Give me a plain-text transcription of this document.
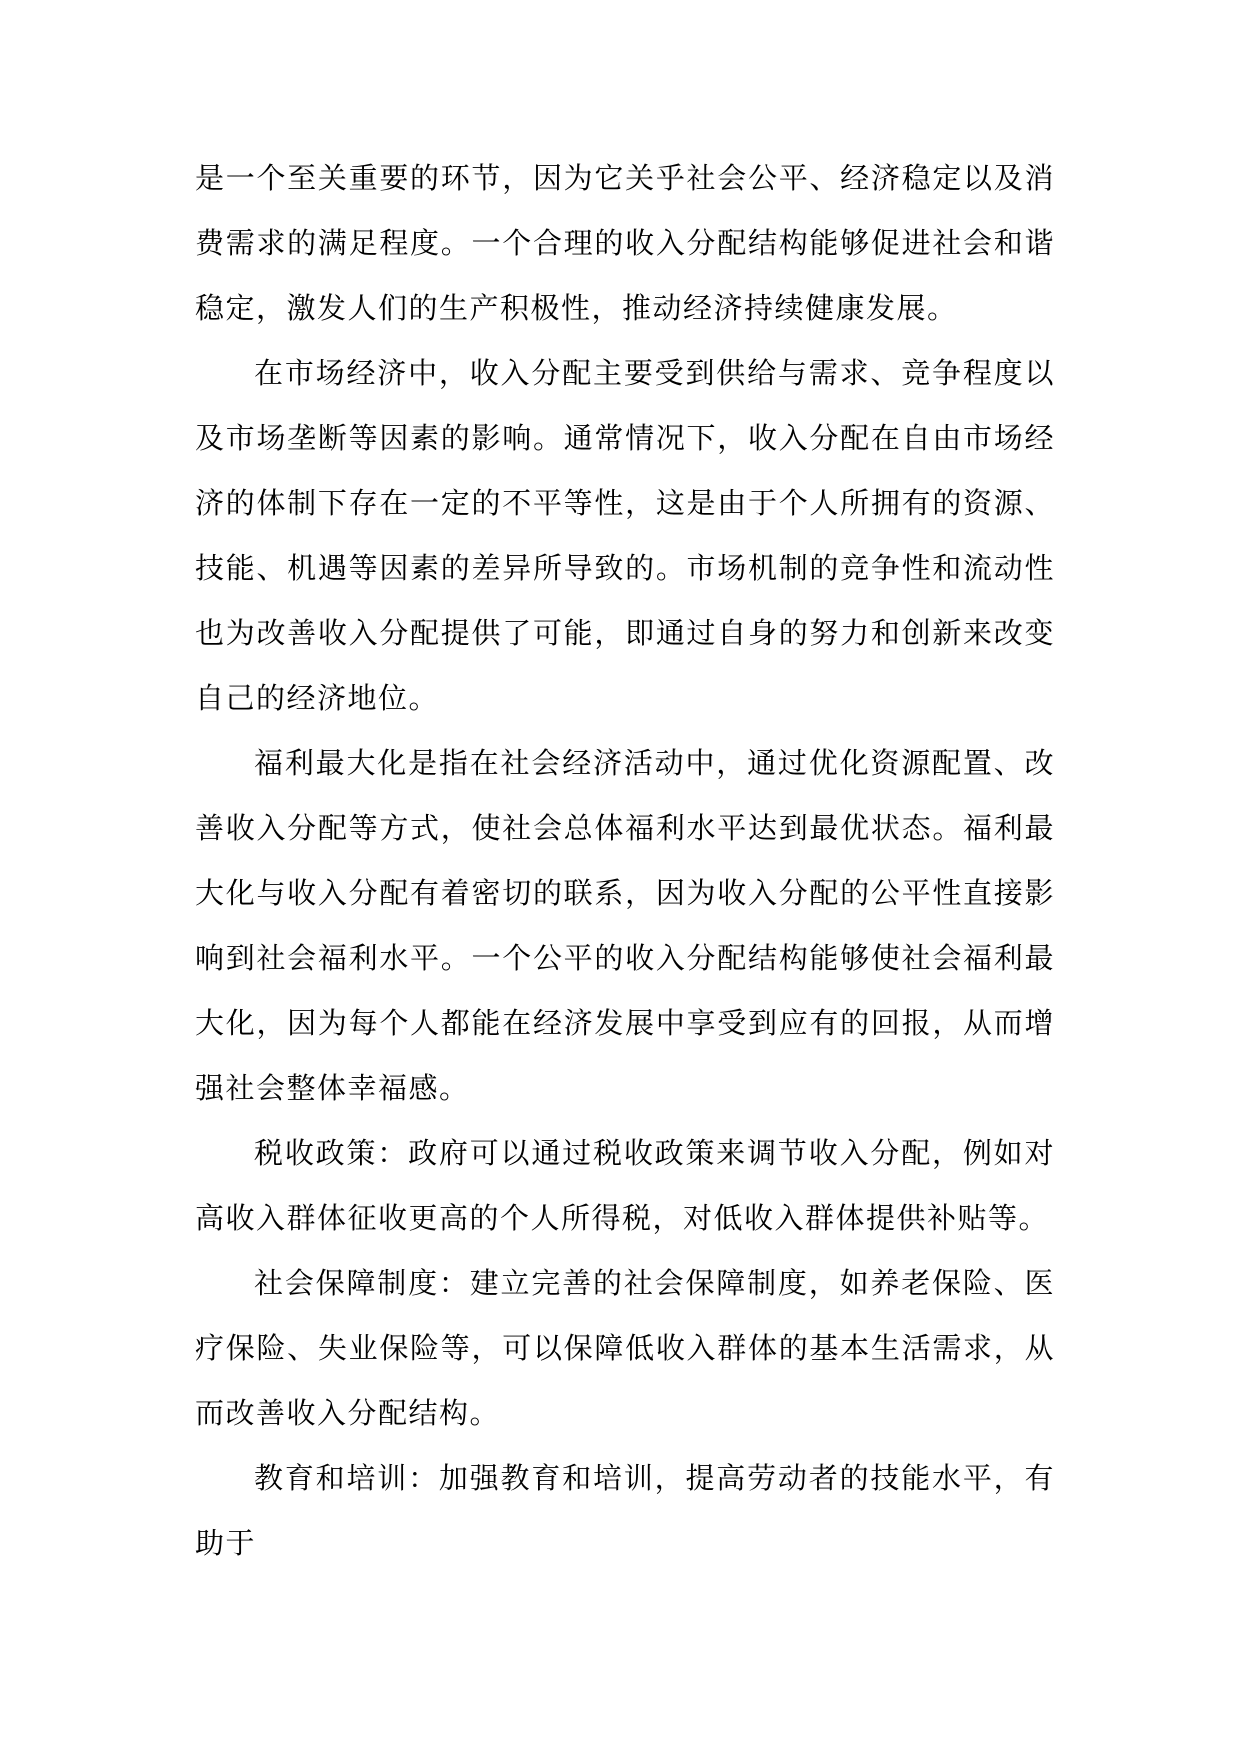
是一个至关重要的环节，因为它关乎社会公平、经济稳定以及消费需求的满足程度。一个合理的收入分配结构能够促进社会和谐稳定，激发人们的生产积极性，推动经济持续健康发展。

在市场经济中，收入分配主要受到供给与需求、竞争程度以及市场垄断等因素的影响。通常情况下，收入分配在自由市场经济的体制下存在一定的不平等性，这是由于个人所拥有的资源、技能、机遇等因素的差异所导致的。市场机制的竞争性和流动性也为改善收入分配提供了可能，即通过自身的努力和创新来改变自己的经济地位。

福利最大化是指在社会经济活动中，通过优化资源配置、改善收入分配等方式，使社会总体福利水平达到最优状态。福利最大化与收入分配有着密切的联系，因为收入分配的公平性直接影响到社会福利水平。一个公平的收入分配结构能够使社会福利最大化，因为每个人都能在经济发展中享受到应有的回报，从而增强社会整体幸福感。

税收政策：政府可以通过税收政策来调节收入分配，例如对高收入群体征收更高的个人所得税，对低收入群体提供补贴等。

社会保障制度：建立完善的社会保障制度，如养老保险、医疗保险、失业保险等，可以保障低收入群体的基本生活需求，从而改善收入分配结构。

教育和培训：加强教育和培训，提高劳动者的技能水平，有助于
